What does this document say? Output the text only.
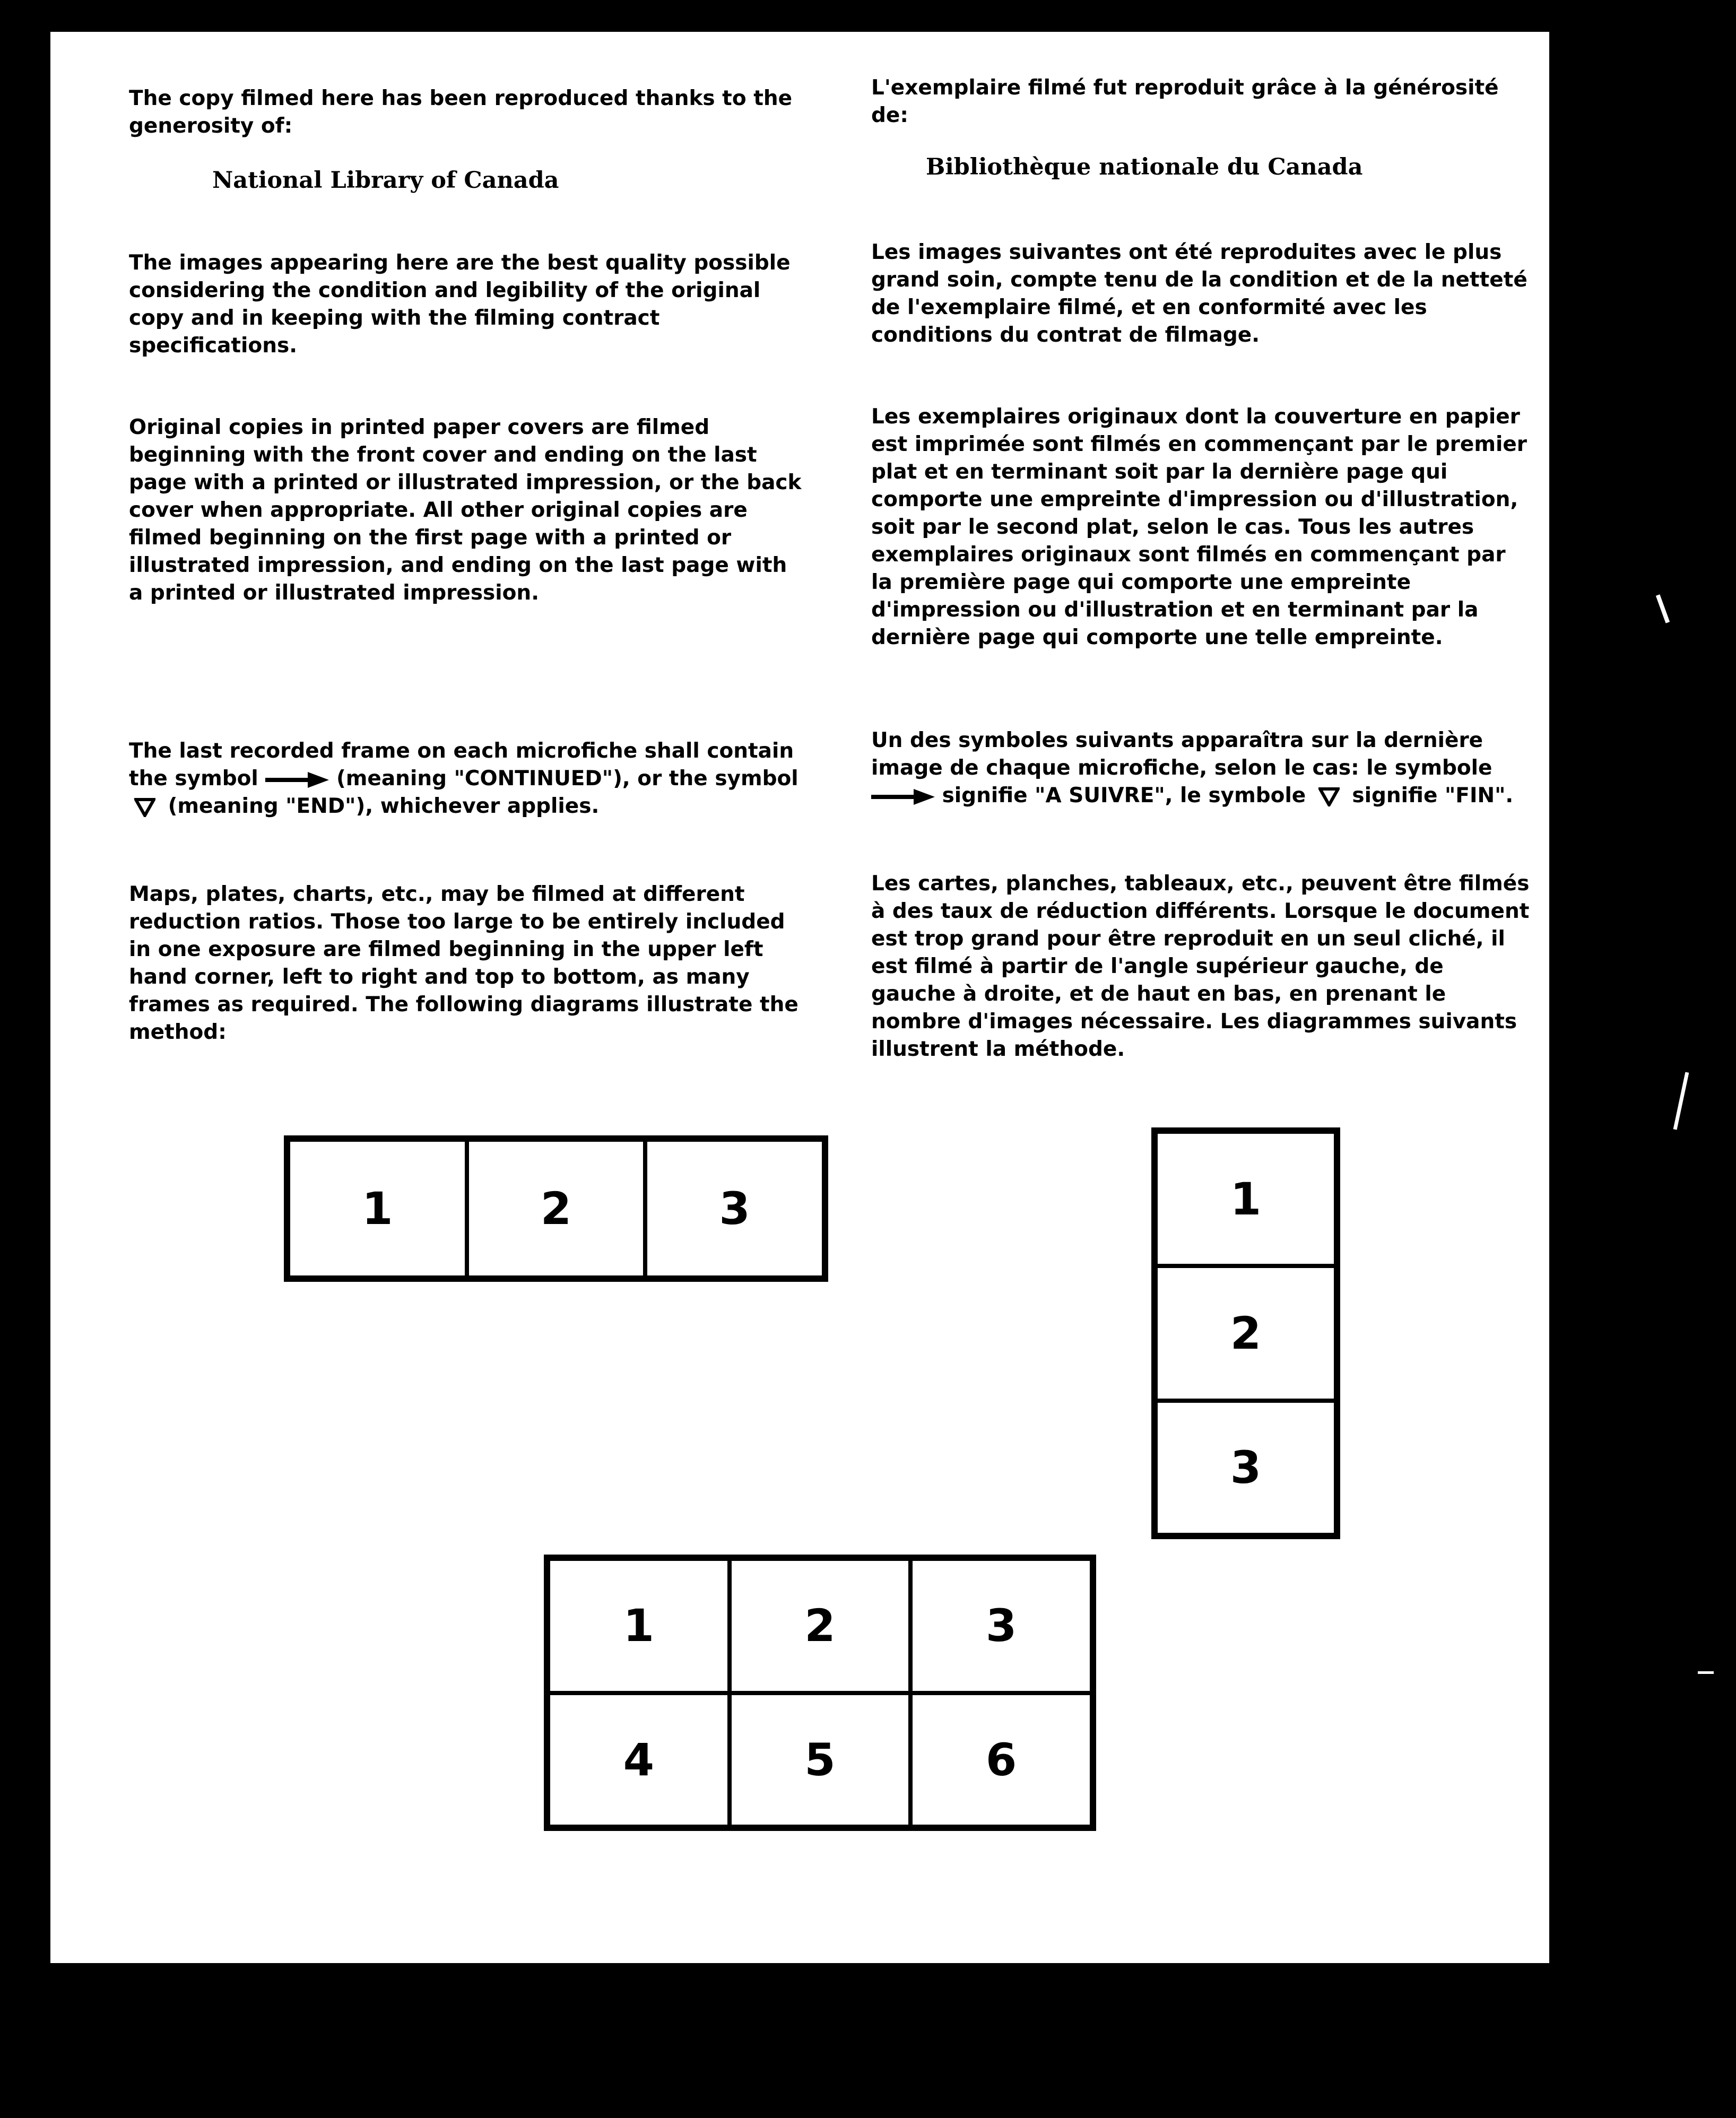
The copy filmed here has been reproduced thanks to the generosity of:

National Library of Canada

The images appearing here are the best quality possible considering the condition and legibility of the original copy and in keeping with the filming contract specifications.

Original copies in printed paper covers are filmed beginning with the front cover and ending on the last page with a printed or illustrated impression, or the back cover when appropriate. All other original copies are filmed beginning on the first page with a printed or illustrated impression, and ending on the last page with a printed or illustrated impression.

The last recorded frame on each microfiche shall contain the symbol	(meaning "CONTINUED"), or the symbol  (meaning "END"), whichever applies.

Maps, plates, charts, etc., may be filmed at different reduction ratios. Those too large to be entirely included in one exposure are filmed beginning in the upper left hand corner, left to right and top to bottom, as many frames as required. The following diagrams illustrate the method:

L'exemplaire filmé fut reproduit grâce à la générosité de:

Bibliothèque nationale du Canada

Les images suivantes ont été reproduites avec le plus grand soin, compte tenu de la condition et de la netteté de l'exemplaire filmé, et en conformité avec les conditions du contrat de filmage.

Les exemplaires originaux dont la couverture en papier est imprimée sont filmés en commençant par le premier plat et en terminant soit par la dernière page qui comporte une empreinte d'impression ou d'illustration, soit par le second plat, selon le cas. Tous les autres exemplaires originaux sont filmés en commençant par la première page qui comporte une empreinte d'impression ou d'illustration et en terminant par la dernière page qui comporte une telle empreinte.

Un des symboles suivants apparaîtra sur la dernière image de chaque microfiche, selon le cas: le symbole  signifie "A SUIVRE", le symbole signifie "FIN".

Les cartes, planches, tableaux, etc., peuvent être filmés à des taux de réduction différents. Lorsque le document est trop grand pour être reproduit en un seul cliché, il est filmé à partir de l'angle supérieur gauche, de gauche à droite, et de haut en bas, en prenant le nombre d'images nécessaire. Les diagrammes suivants illustrent la méthode.

1	2	3	1
2
3
1	2	3
4	5	6
